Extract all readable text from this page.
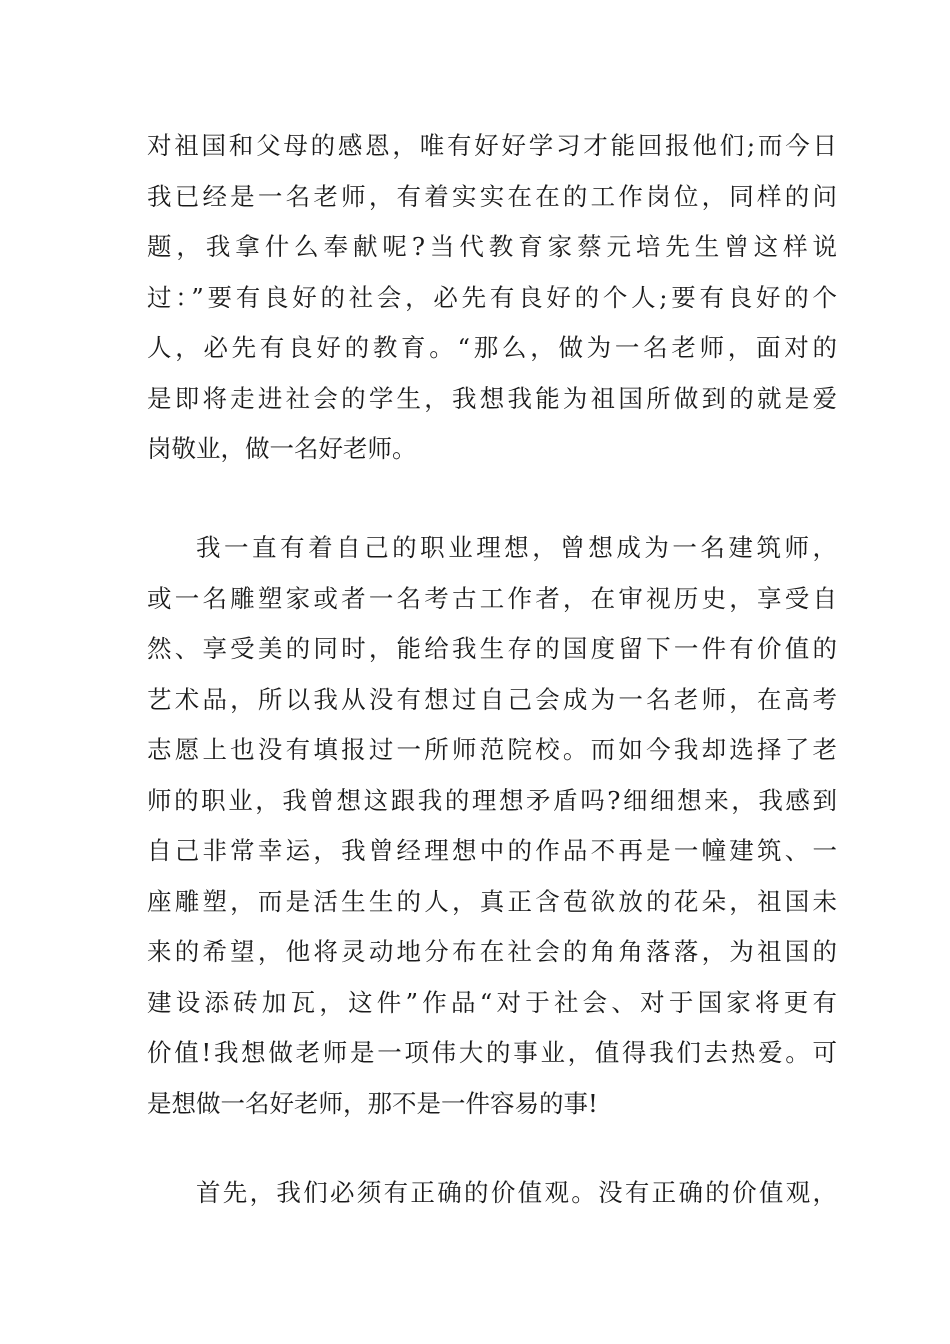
对祖国和父母的感恩，唯有好好学习才能回报他们;而今日
我已经是一名老师，有着实实在在的工作岗位，同样的问
题，我拿什么奉献呢?当代教育家蔡元培先生曾这样说
过：”要有良好的社会，必先有良好的个人;要有良好的个
人，必先有良好的教育。“那么，做为一名老师，面对的
是即将走进社会的学生，我想我能为祖国所做到的就是爱
岗敬业，做一名好老师。
我一直有着自己的职业理想，曾想成为一名建筑师，
或一名雕塑家或者一名考古工作者，在审视历史，享受自
然、享受美的同时，能给我生存的国度留下一件有价值的
艺术品，所以我从没有想过自己会成为一名老师，在高考
志愿上也没有填报过一所师范院校。而如今我却选择了老
师的职业，我曾想这跟我的理想矛盾吗?细细想来，我感到
自己非常幸运，我曾经理想中的作品不再是一幢建筑、一
座雕塑，而是活生生的人，真正含苞欲放的花朵，祖国未
来的希望，他将灵动地分布在社会的角角落落，为祖国的
建设添砖加瓦，这件”作品“对于社会、对于国家将更有
价值!我想做老师是一项伟大的事业，值得我们去热爱。可
是想做一名好老师，那不是一件容易的事!
首先，我们必须有正确的价值观。没有正确的价值观，
